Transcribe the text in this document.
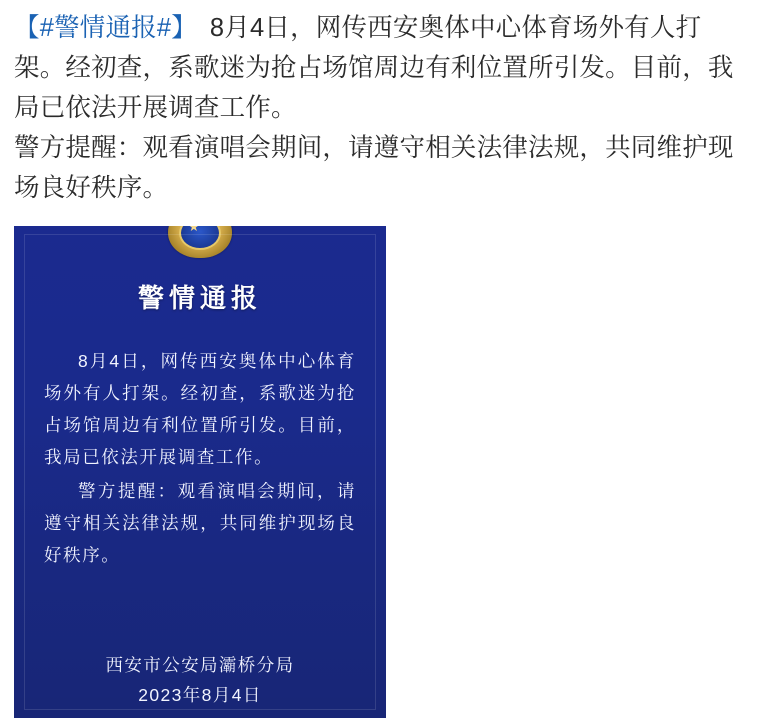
【#警情通报#】　8月4日，网传西安奥体中心体育场外有人打架。经初查，系歌迷为抢占场馆周边有利位置所引发。目前，我局已依法开展调查工作。

警方提醒：观看演唱会期间，请遵守相关法律法规，共同维护现场良好秩序。

警情通报

8月4日，网传西安奥体中心体育场外有人打架。经初查，系歌迷为抢占场馆周边有利位置所引发。目前，我局已依法开展调查工作。

警方提醒：观看演唱会期间，请遵守相关法律法规，共同维护现场良好秩序。

西安市公安局灞桥分局
2023年8月4日
